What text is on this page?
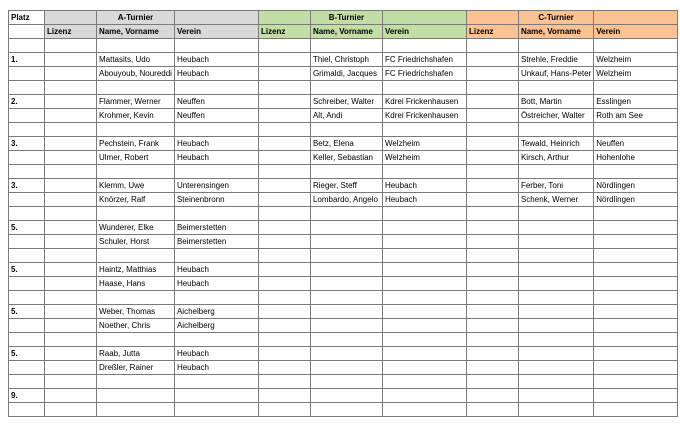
Platz		A-Turnier			B-Turnier			C-Turnier	
	Lizenz	Name, Vorname	Verein	Lizenz	Name, Vorname	Verein	Lizenz	Name, Vorname	Verein

1.		Mattasits, Udo	Heubach		Thiel, Christoph	FC Friedrichshafen		Strehle, Freddie	Welzheim
		Abouyoub, Noureddi	Heubach		Grimaldi, Jacques	FC Friedrichshafen		Unkauf, Hans-Peter	Welzheim

2.		Flammer, Werner	Neuffen		Schreiber, Walter	Kdrei Frickenhausen		Bott, Martin	Esslingen
		Krohmer, Kevin	Neuffen		Alt, Andi	Kdrei Frickenhausen		Östreicher, Walter	Roth am See

3.		Pechstein, Frank	Heubach		Betz, Elena	Welzheim		Tewald, Heinrich	Neuffen
		Ulmer, Robert	Heubach		Keller, Sebastian	Welzheim		Kirsch, Arthur	Hohenlohe

3.		Klemm, Uwe	Unterensingen		Rieger, Steff	Heubach		Ferber, Toni	Nördlingen
		Knörzer, Ralf	Steinenbronn		Lombardo, Angelo	Heubach		Schenk, Werner	Nördlingen

5.		Wunderer, Elke	Beimerstetten						
		Schuler, Horst	Beimerstetten						

5.		Haintz, Matthias	Heubach						
		Haase, Hans	Heubach						

5.		Weber, Thomas	Aichelberg						
		Noether, Chris	Aichelberg						

5.		Raab, Jutta	Heubach						
		Dreßler, Rainer	Heubach						

9.									
